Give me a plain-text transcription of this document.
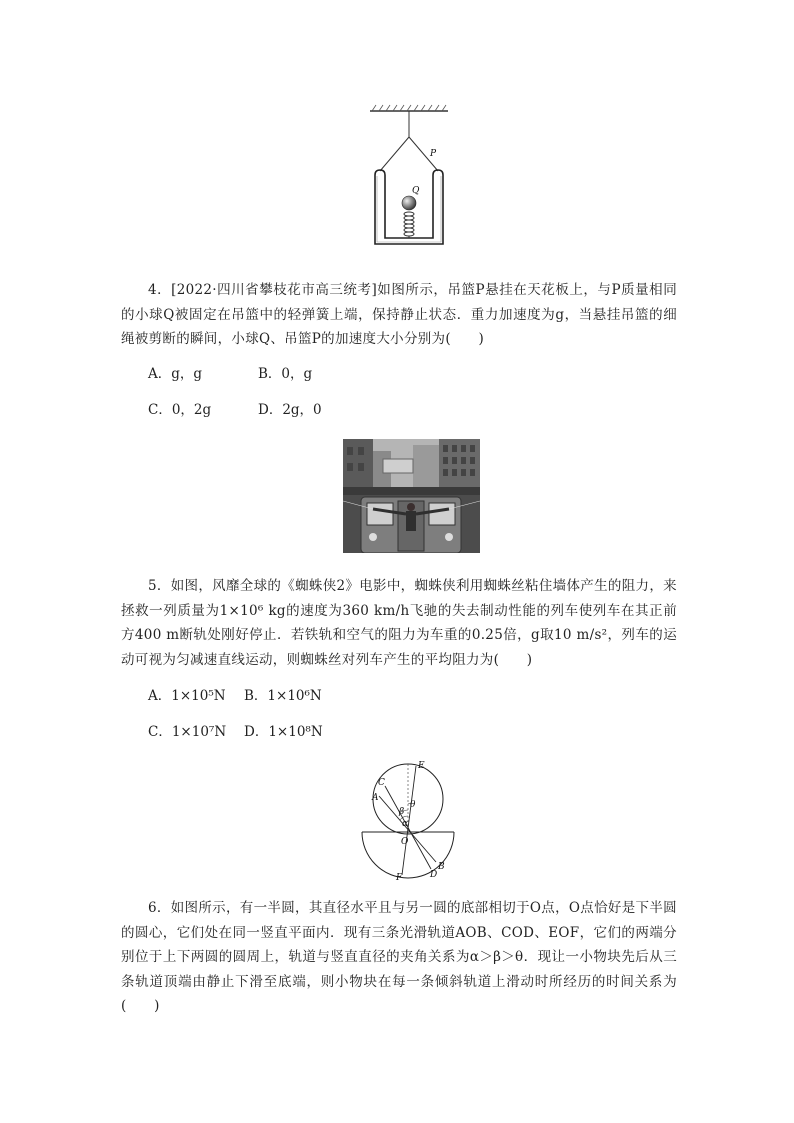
P
Q

4．[2022·四川省攀枝花市高三统考]如图所示，吊篮P悬挂在天花板上，与P质量相同的小球Q被固定在吊篮中的轻弹簧上端，保持静止状态．重力加速度为g，当悬挂吊篮的细绳被剪断的瞬间，小球Q、吊篮P的加速度大小分别为(　　)

A．g，g	B．0，g
C．0，2g	D．2g，0

5．如图，风靡全球的《蜘蛛侠2》电影中，蜘蛛侠利用蜘蛛丝粘住墙体产生的阻力，来拯救一列质量为1×10⁶ kg的速度为360 km/h飞驰的失去制动性能的列车使列车在其正前方400 m断轨处刚好停止．若铁轨和空气的阻力为车重的0.25倍，g取10 m/s²，列车的运动可视为匀减速直线运动，则蜘蛛丝对列车产生的平均阻力为(　　)

A．1×10⁵N B．1×10⁶N
C．1×10⁷N D．1×10⁸N
A
C
E
B
D
F
O
α
β
θ

6．如图所示，有一半圆，其直径水平且与另一圆的底部相切于O点，O点恰好是下半圆的圆心，它们处在同一竖直平面内．现有三条光滑轨道AOB、COD、EOF，它们的两端分别位于上下两圆的圆周上，轨道与竖直直径的夹角关系为α＞β＞θ．现让一小物块先后从三条轨道顶端由静止下滑至底端，则小物块在每一条倾斜轨道上滑动时所经历的时间关系为(　　)
